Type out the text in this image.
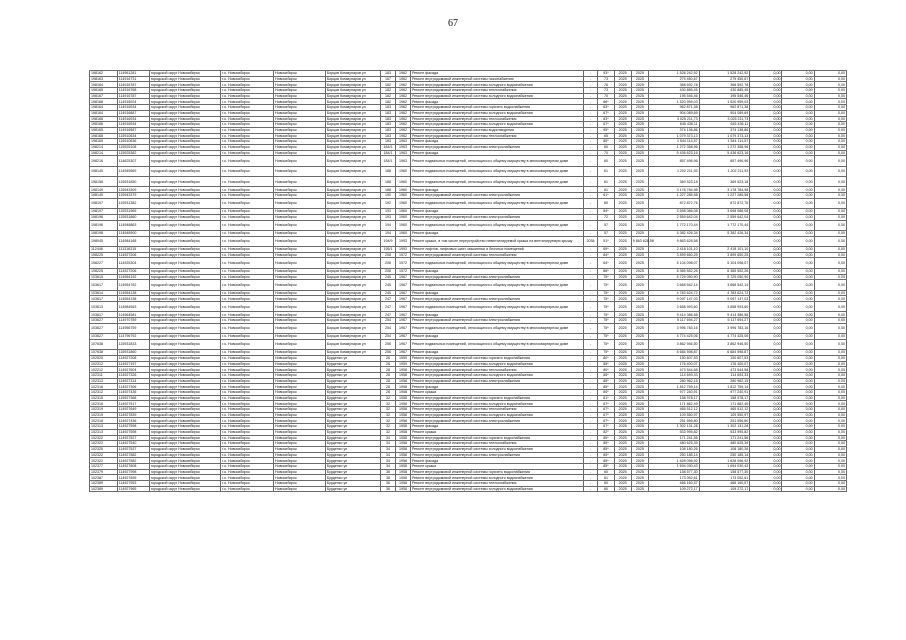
67
198162	114961281	городской округ Новосибирск	г.о. Новосибирск	Новосибирск	Борцов Коммунаров ул	183	1962	Ремонт фасада	-	93*	2025	2025	1 528 242,92	1 528 242,92	0,00	0,00	0,00
198163	114916731	городской округ Новосибирск	г.о. Новосибирск	Новосибирск	Борцов Коммунаров ул	167	1962	Ремонт внутридомовой инженерной системы газоснабжения	-	73	2025	2025	279 450,67	279 450,67	0,00	0,00	0,00
198164	114916787	городской округ Новосибирск	г.о. Новосибирск	Новосибирск	Борцов Коммунаров ул	182	1962	Ремонт внутридомовой инженерной системы холодного водоснабжения	-	76	2025	2025	368 592,78	368 592,78	0,00	0,00	0,00
198165	114916768	городской округ Новосибирск	г.о. Новосибирск	Новосибирск	Борцов Коммунаров ул	182	1962	Ремонт внутридомовой инженерной системы теплоснабжения	-	73	2025	2025	430 885,45	430 885,45	0,00	0,00	0,00
198167	114916787	городской округ Новосибирск	г.о. Новосибирск	Новосибирск	Борцов Коммунаров ул	182	1962	Ремонт внутридомовой инженерной системы холодного водоснабжения	-	70	2025	2025	195 546,46	195 546,46	0,00	0,00	0,00
198168	114916924	городской округ Новосибирск	г.о. Новосибирск	Новосибирск	Борцов Коммунаров ул	182	1962	Ремонт фасада	-	86*	2025	2025	1 520 959,03	1 520 959,03	0,00	0,00	0,00
198164	114916934	городской округ Новосибирск	г.о. Новосибирск	Новосибирск	Борцов Коммунаров ул	183	1962	Ремонт внутридомовой инженерной системы горячего водоснабжения	-	83*	2025	2025	962 871,38	962 871,38	0,00	0,00	0,00
198164	114916887	городской округ Новосибирск	г.о. Новосибирск	Новосибирск	Борцов Коммунаров ул	183	1962	Ремонт внутридомовой инженерной системы холодного водоснабжения	-	67*	2025	2025	904 089,69	904 089,69	0,00	0,00	0,00
198166	114916934	городской округ Новосибирск	г.о. Новосибирск	Новосибирск	Борцов Коммунаров ул	183	1962	Ремонт внутридомовой инженерной системы теплоснабжения	-	83*	2025	2025	3 025 211,73	3 025 211,73	0,00	0,00	0,00
198166	114916934	городской округ Новосибирск	г.о. Новосибирск	Новосибирск	Борцов Коммунаров ул	183	1962	Ремонт внутридомовой инженерной системы холодного водоснабжения	-	67*	2025	2025	645 436,11	645 436,11	0,00	0,00	0,00
198165	114916587	городской округ Новосибирск	г.о. Новосибирск	Новосибирск	Борцов Коммунаров ул	183	1962	Ремонт внутридомовой инженерной системы водоотведения	-	95*	2025	2025	374 136,86	374 136,86	0,00	0,00	0,00
198168	115910634	городской округ Новосибирск	г.о. Новосибирск	Новосибирск	Борцов Коммунаров ул	183	1962	Ремонт внутридомовой инженерной системы теплоснабжения	-	65	2025	2025	1 079 373,13	1 079 373,13	0,00	0,00	0,00
198169	115910636	городской округ Новосибирск	г.о. Новосибирск	Новосибирск	Борцов Коммунаров ул	183	1963	Ремонт фасада	-	85*	2025	2025	1 544 114,57	1 544 114,57	0,00	0,00	0,00
198214	115925108	городской округ Новосибирск	г.о. Новосибирск	Новосибирск	Борцов Коммунаров ул	184/1	1963	Ремонт внутридомовой инженерной системы электроснабжения	-	60	2025	2025	1 272 358,96	1 272 358,96	0,00	0,00	0,00
198214	115925382	городской округ Новосибирск	г.о. Новосибирск	Новосибирск	Борцов Коммунаров ул	184/1	1963	Ремонт фасада	-	70	2025	2025	5 436 623,16	5 436 623,16	0,00	0,00	0,00
198216	114625307	городской округ Новосибирск	г.о. Новосибирск	Новосибирск	Борцов Коммунаров ул	184/1	1963	Ремонт подвальных помещений, относящихся к общему имуществу в многоквартирном доме	-	60	2025	2025	857 496,96	857 496,96	0,00	0,00	0,00
198145	114945569	городской округ Новосибирск	г.о. Новосибирск	Новосибирск	Борцов Коммунаров ул	188	1960	Ремонт подвальных помещений, относящихся к общему имуществу в многоквартирном доме	-	61	2025	2025	1 202 211,93	1 202 211,93	0,00	0,00	0,00
198158	115931850	городской округ Новосибирск	г.о. Новосибирск	Новосибирск	Борцов Коммунаров ул	188	1960	Ремонт подвальных помещений, относящихся к общему имуществу в многоквартирном доме	-	61	2025	2025	369 523,18	369 523,18	0,00	0,00	0,00
198149	115943309	городской округ Новосибирск	г.о. Новосибирск	Новосибирск	Борцов Коммунаров ул	188	1960	Ремонт фасада	-	81	2025	2025	3 178 784,98	3 178 784,98	0,00	0,00	0,00
198145	115943379	городской округ Новосибирск	г.о. Новосибирск	Новосибирск	Борцов Коммунаров ул	190	1960	Ремонт внутридомовой инженерной системы электроснабжения	-	61*	2025	2025	1 227 285,58	1 227 285,58	0,00	0,00	0,00
198197	115931382	городской округ Новосибирск	г.о. Новосибирск	Новосибирск	Борцов Коммунаров ул	192	1960	Ремонт подвальных помещений, относящихся к общему имуществу в многоквартирном доме	-	60	2025	2025	872 872,76	872 872,76	0,00	0,00	0,00
198197	115931969	городской округ Новосибирск	г.о. Новосибирск	Новосибирск	Борцов Коммунаров ул	193	1960	Ремонт фасада	-	84*	2025	2025	3 698 086,08	3 698 086,08	0,00	0,00	0,00
198198	115931860	городской округ Новосибирск	г.о. Новосибирск	Новосибирск	Борцов Коммунаров ул	193	1960	Ремонт внутридомовой инженерной системы электроснабжения	-	72	2025	2025	2 559 642,04	2 559 642,04	0,00	0,00	0,00
198196	114948863	городской округ Новосибирск	г.о. Новосибирск	Новосибирск	Борцов Коммунаров ул	194	1960	Ремонт подвальных помещений, относящихся к общему имуществу в многоквартирном доме	-	57	2025	2025	1 772 170,44	1 772 170,44	0,00	0,00	0,00
198198	114948900	городской округ Новосибирск	г.о. Новосибирск	Новосибирск	Борцов Коммунаров ул	194	1960	Ремонт фасада	-	57	2025	2025	5 382 426,34	5 382 426,34	0,00	0,00	0,00
198045	114984168	городской округ Новосибирск	г.о. Новосибирск	Новосибирск	Борцов Коммунаров ул	194/9	1993	Ремонт крыши, в том числе переустройство невентилируемой крыши на вентилируемую крышу	2038	51*	2025	9 863 628,58	9 863 628,58		0,00	0,00	0,00
112446	111316315	городской округ Новосибирск	г.о. Новосибирск	Новосибирск	Борцов Коммунаров ул	195/1	1993	Ремонт лифтов, лифтовых шахт, машинных и блочных помещений	-	69*	2025	2025	2 418 101,10	2 418 101,10	0,00	0,00	0,00
198225	114927206	городской округ Новосибирск	г.о. Новосибирск	Новосибирск	Борцов Коммунаров ул	208	1972	Ремонт внутридомовой инженерной системы теплоснабжения	-	84*	2025	2025	3 899 650,25	3 899 650,25	0,00	0,00	0,00
198227	114925304	городской округ Новосибирск	г.о. Новосибирск	Новосибирск	Борцов Коммунаров ул	208	1972	Ремонт подвальных помещений, относящихся к общему имуществу в многоквартирном доме	-	64*	2025	2025	5 104 098,07	5 104 098,07	0,00	0,00	0,00
198225	114927206	городской округ Новосибирск	г.о. Новосибирск	Новосибирск	Борцов Коммунаров ул	208	1972	Ремонт фасада	-	86*	2025	2025	6 365 552,26	6 365 552,26	0,00	0,00	0,00
103615	114954192	городской округ Новосибирск	г.о. Новосибирск	Новосибирск	Борцов Коммунаров ул	245	1967	Ремонт внутридомовой инженерной системы электроснабжения	-	75*	2025	2025	5 729 050,90	5 729 050,90	0,00	0,00	0,00
103617	114954762	городской округ Новосибирск	г.о. Новосибирск	Новосибирск	Борцов Коммунаров ул	245	1967	Ремонт подвальных помещений, относящихся к общему имуществу в многоквартирном доме	-	75*	2025	2025	3 668 542,14	3 668 542,14	0,00	0,00	0,00
103614	114954138	городской округ Новосибирск	г.о. Новосибирск	Новосибирск	Борцов Коммунаров ул	245	1967	Ремонт фасада	-	75*	2025	2025	4 783 624,72	4 783 624,72	0,00	0,00	0,00
103617	114954138	городской округ Новосибирск	г.о. Новосибирск	Новосибирск	Борцов Коммунаров ул	247	1967	Ремонт внутридомовой инженерной системы электроснабжения	-	75*	2025	2025	9 097 147,03	9 097 147,03	0,00	0,00	0,00
103613	114984563	городской округ Новосибирск	г.о. Новосибирск	Новосибирск	Борцов Коммунаров ул	247	1967	Ремонт подвальных помещений, относящихся к общему имуществу в многоквартирном доме	-	75*	2025	2025	3 658 993,60	3 658 993,60	0,00	0,00	0,00
103617	114964581	городской округ Новосибирск	г.о. Новосибирск	Новосибирск	Борцов Коммунаров ул	247	1967	Ремонт фасада	-	75*	2025	2025	9 414 386,58	9 414 386,58	0,00	0,00	0,00
103627	114970789	городской округ Новосибирск	г.о. Новосибирск	Новосибирск	Борцов Коммунаров ул	254	1967	Ремонт внутридомовой инженерной системы электроснабжения	-	75*	2025	2025	5 117 694,27	5 117 694,27	0,00	0,00	0,00
103627	114956759	городской округ Новосибирск	г.о. Новосибирск	Новосибирск	Борцов Коммунаров ул	254	1967	Ремонт подвальных помещений, относящихся к общему имуществу в многоквартирном доме	-	75*	2025	2025	3 996 783,16	3 996 783,16	0,00	0,00	0,00
103627	114796792	городской округ Новосибирск	г.о. Новосибирск	Новосибирск	Борцов Коммунаров ул	254	1967	Ремонт фасада	-	75*	2025	2025	4 774 425,06	4 774 425,06	0,00	0,00	0,00
107638	115931833	городской округ Новосибирск	г.о. Новосибирск	Новосибирск	Борцов Коммунаров ул	256	1967	Ремонт подвальных помещений, относящихся к общему имуществу в многоквартирном доме	-	75*	2025	2025	3 862 946,50	3 862 946,50	0,00	0,00	0,00
107638	115931860	городской округ Новосибирск	г.о. Новосибирск	Новосибирск	Борцов Коммунаров ул	256	1967	Ремонт фасада	-	75*	2025	2025	6 684 598,87	6 684 598,87	0,00	0,00	0,00
102520	114927208	городской округ Новосибирск	г.о. Новосибирск	Новосибирск	Бурденко ул	26	1959	Ремонт внутридомовой инженерной системы горячего водоснабжения	-	80*	2025	2025	150 607,53	150 607,53	0,00	0,00	0,00
102312	114927197	городской округ Новосибирск	г.о. Новосибирск	Новосибирск	Бурденко ул	26	1959	Ремонт внутридомовой инженерной системы холодного водоснабжения	-	85*	2025	2025	176 400,07	176 400,07	0,00	0,00	0,00
102212	114927604	городской округ Новосибирск	г.о. Новосибирск	Новосибирск	Бурденко ул	28	1958	Ремонт внутридомовой инженерной системы теплоснабжения	-	80*	2025	2025	473 544,58	473 544,58	0,00	0,00	0,00
102311	114927326	городской округ Новосибирск	г.о. Новосибирск	Новосибирск	Бурденко ул	28	1958	Ремонт внутридомовой инженерной системы холодного водоснабжения	-	85*	2025	2025	114 693,33	114 693,33	0,00	0,00	0,00
102313	114927314	городской округ Новосибирск	г.о. Новосибирск	Новосибирск	Бурденко ул	28	1958	Ремонт внутридомовой инженерной системы электроснабжения	-	85*	2025	2025	280 962,15	280 962,15	0,00	0,00	0,00
102316	114927306	городской округ Новосибирск	г.о. Новосибирск	Новосибирск	Бурденко ул	28	1958	Ремонт фасада	-	85*	2025	2025	1 812 759,14	1 812 759,14	0,00	0,00	0,00
102312	114927436	городской округ Новосибирск	г.о. Новосибирск	Новосибирск	Бурденко ул	28	1958	Ремонт крыши	-	80*	2025	2025	977 240,91	977 240,91	0,00	0,00	0,00
102315	115927368	городской округ Новосибирск	г.о. Новосибирск	Новосибирск	Бурденко ул	32	1958	Ремонт внутридомовой инженерной системы горячего водоснабжения	-	81*	2025	2025	158 978,17	158 978,17	0,00	0,00	0,00
102316	114927517	городской округ Новосибирск	г.о. Новосибирск	Новосибирск	Бурденко ул	32	1958	Ремонт внутридомовой инженерной системы холодного водоснабжения	-	67*	2025	2025	171 862,49	171 862,49	0,00	0,00	0,00
102319	114927649	городской округ Новосибирск	г.о. Новосибирск	Новосибирск	Бурденко ул	32	1958	Ремонт внутридомовой инженерной системы теплоснабжения	-	67*	2025	2025	465 512,12	465 512,12	0,00	0,00	0,00
102319	114927839	городской округ Новосибирск	г.о. Новосибирск	Новосибирск	Бурденко ул	32	1958	Ремонт внутридомовой инженерной системы холодного водоснабжения	-	67*	2025	2025	109 550,97	109 550,97	0,00	0,00	0,00
102318	114927436	городской округ Новосибирск	г.о. Новосибирск	Новосибирск	Бурденко ул	32	1958	Ремонт внутридомовой инженерной системы электроснабжения	-	67*	2025	2025	251 556,80	251 556,80	0,00	0,00	0,00
102313	114927598	городской округ Новосибирск	г.о. Новосибирск	Новосибирск	Бурденко ул	32	1958	Ремонт фасада	-	67*	2025	2025	1 302 131,28	1 302 131,28	0,00	0,00	0,00
102313	114927598	городской округ Новосибирск	г.о. Новосибирск	Новосибирск	Бурденко ул	32	1958	Ремонт крыши	-	82*	2025	2025	533 995,82	533 995,82	0,00	0,00	0,00
102322	114927527	городской округ Новосибирск	г.о. Новосибирск	Новосибирск	Бурденко ул	34	1958	Ремонт внутридомовой инженерной системы горячего водоснабжения	-	85*	2025	2025	171 241,56	171 241,56	0,00	0,00	0,00
102322	114927540	городской округ Новосибирск	г.о. Новосибирск	Новосибирск	Бурденко ул	34	1958	Ремонт внутридомовой инженерной системы теплоснабжения	-	85*	2025	2025	480 625,39	480 625,39	0,00	0,00	0,00
102325	114927537	городской округ Новосибирск	г.о. Новосибирск	Новосибирск	Бурденко ул	34	1958	Ремонт внутридомовой инженерной системы холодного водоснабжения	-	85*	2025	2025	108 180,26	108 180,26	0,00	0,00	0,00
102322	114927582	городской округ Новосибирск	г.о. Новосибирск	Новосибирск	Бурденко ул	34	1958	Ремонт внутридомовой инженерной системы электроснабжения	-	85*	2025	2025	250 185,14	250 185,14	0,00	0,00	0,00
102322	114927582	городской округ Новосибирск	г.о. Новосибирск	Новосибирск	Бурденко ул	34	1958	Ремонт фасада	-	85*	2025	2025	1 628 056,92	1 628 056,92	0,00	0,00	0,00
102377	114927808	городской округ Новосибирск	г.о. Новосибирск	Новосибирск	Бурденко ул	34	1958	Ремонт крыши	-	85*	2025	2025	1 694 030,43	1 694 030,43	0,00	0,00	0,00
102379	114927998	городской округ Новосибирск	г.о. Новосибирск	Новосибирск	Бурденко ул	36	1958	Ремонт внутридомовой инженерной системы горячего водоснабжения	-	60	2025	2025	158 577,30	158 577,30	0,00	0,00	0,00
102387	114927895	городской округ Новосибирск	г.о. Новосибирск	Новосибирск	Бурденко ул	36	1958	Ремонт внутридомовой инженерной системы холодного водоснабжения	-	61	2025	2025	173 052,61	173 052,61	0,00	0,00	0,00
102389	114927953	городской округ Новосибирск	г.о. Новосибирск	Новосибирск	Бурденко ул	36	1958	Ремонт внутридомовой инженерной системы теплоснабжения	-	60	2025	2025	466 160,57	466 160,57	0,00	0,00	0,00
102389	114927965	городской округ Новосибирск	г.о. Новосибирск	Новосибирск	Бурденко ул	36	1958	Ремонт внутридомовой инженерной системы холодного водоснабжения	-	60	2025	2025	109 272,17	109 272,17	0,00	0,00	0,00
